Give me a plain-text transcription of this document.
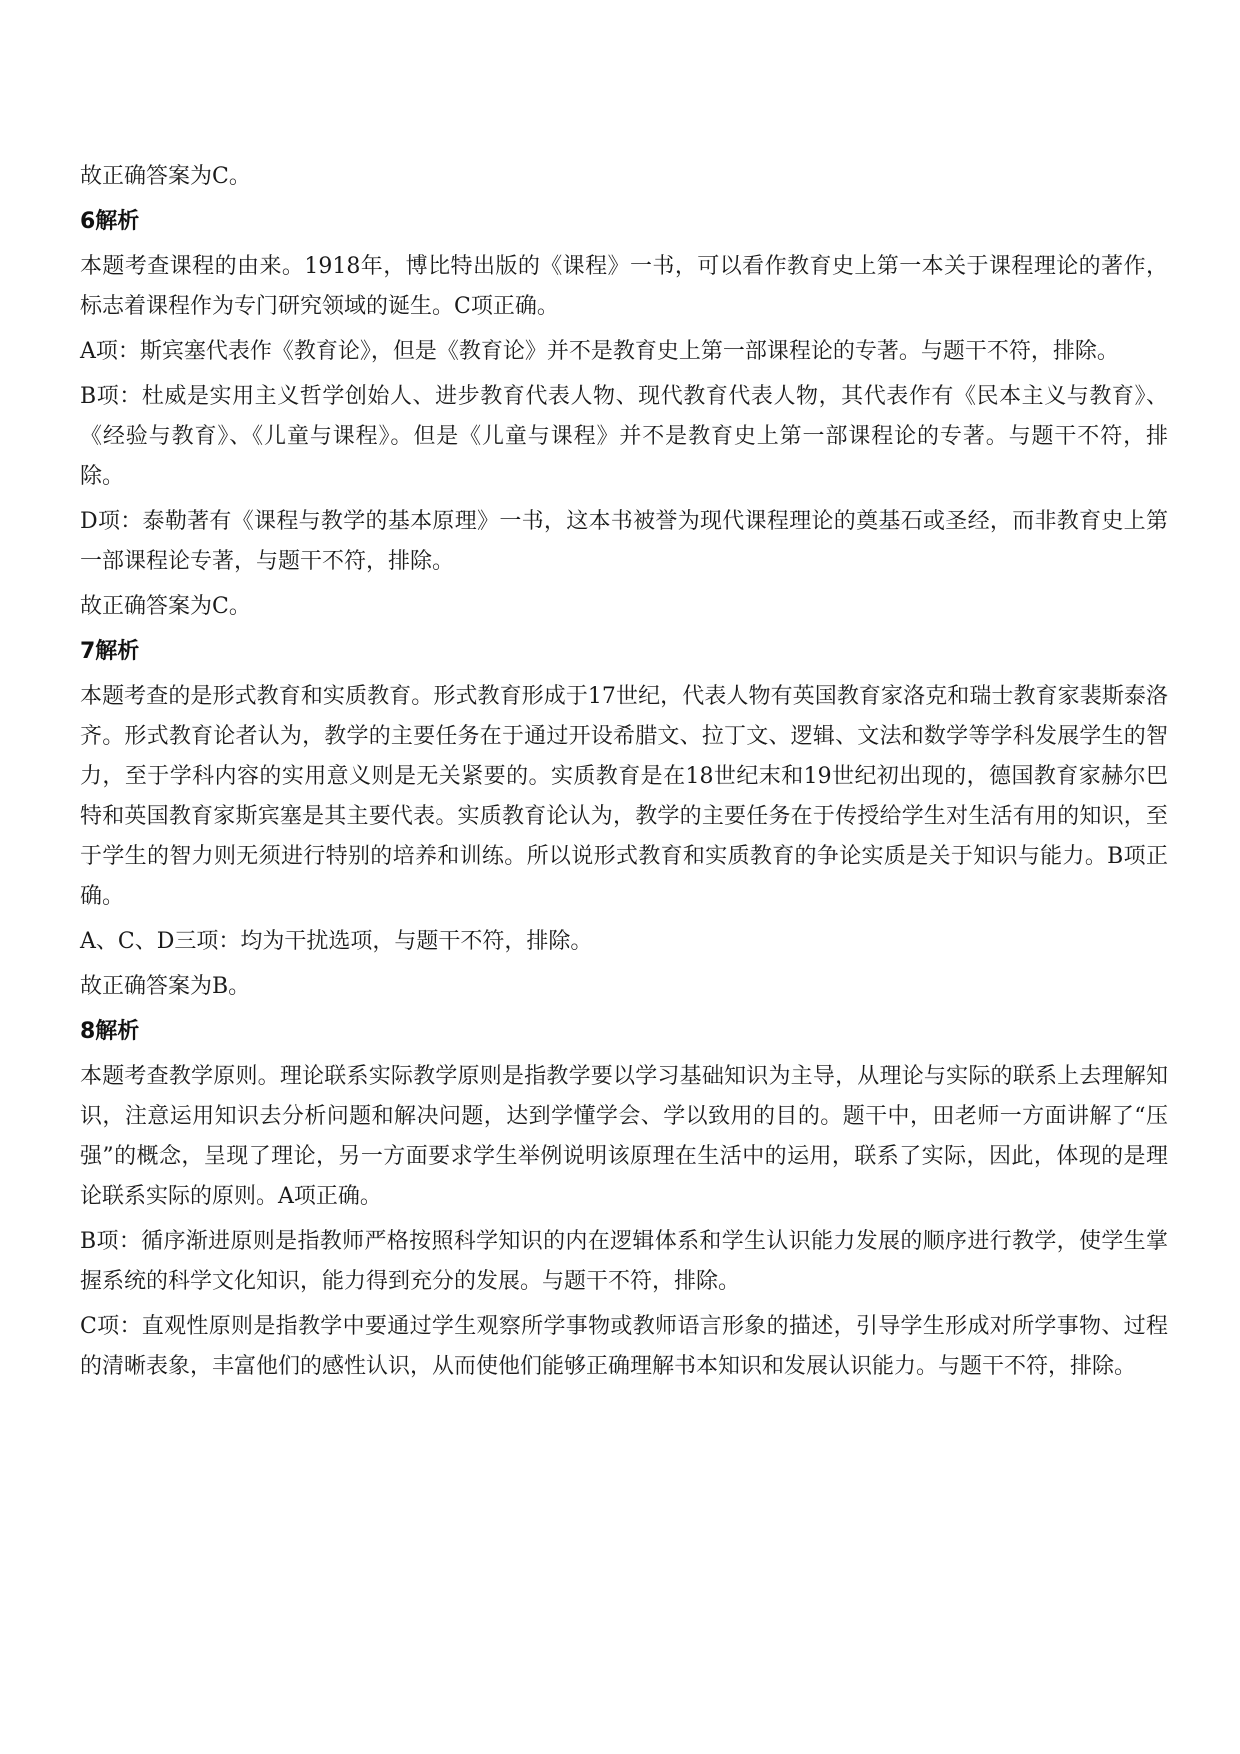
故正确答案为C。

6解析

本题考查课程的由来。1918年，博比特出版的《课程》一书，可以看作教育史上第一本关于课程理论的著作，标志着课程作为专门研究领域的诞生。C项正确。

A项：斯宾塞代表作《教育论》，但是《教育论》并不是教育史上第一部课程论的专著。与题干不符，排除。

B项：杜威是实用主义哲学创始人、进步教育代表人物、现代教育代表人物，其代表作有《民本主义与教育》、《经验与教育》、《儿童与课程》。但是《儿童与课程》并不是教育史上第一部课程论的专著。与题干不符，排除。

D项：泰勒著有《课程与教学的基本原理》一书，这本书被誉为现代课程理论的奠基石或圣经，而非教育史上第一部课程论专著，与题干不符，排除。

故正确答案为C。

7解析

本题考查的是形式教育和实质教育。形式教育形成于17世纪，代表人物有英国教育家洛克和瑞士教育家裴斯泰洛齐。形式教育论者认为，教学的主要任务在于通过开设希腊文、拉丁文、逻辑、文法和数学等学科发展学生的智力，至于学科内容的实用意义则是无关紧要的。实质教育是在18世纪末和19世纪初出现的，德国教育家赫尔巴特和英国教育家斯宾塞是其主要代表。实质教育论认为，教学的主要任务在于传授给学生对生活有用的知识，至于学生的智力则无须进行特别的培养和训练。所以说形式教育和实质教育的争论实质是关于知识与能力。B项正确。

A、C、D三项：均为干扰选项，与题干不符，排除。

故正确答案为B。

8解析

本题考查教学原则。理论联系实际教学原则是指教学要以学习基础知识为主导，从理论与实际的联系上去理解知识，注意运用知识去分析问题和解决问题，达到学懂学会、学以致用的目的。题干中，田老师一方面讲解了“压强”的概念，呈现了理论，另一方面要求学生举例说明该原理在生活中的运用，联系了实际，因此，体现的是理论联系实际的原则。A项正确。

B项：循序渐进原则是指教师严格按照科学知识的内在逻辑体系和学生认识能力发展的顺序进行教学，使学生掌握系统的科学文化知识，能力得到充分的发展。与题干不符，排除。

C项：直观性原则是指教学中要通过学生观察所学事物或教师语言形象的描述，引导学生形成对所学事物、过程的清晰表象，丰富他们的感性认识，从而使他们能够正确理解书本知识和发展认识能力。与题干不符，排除。
